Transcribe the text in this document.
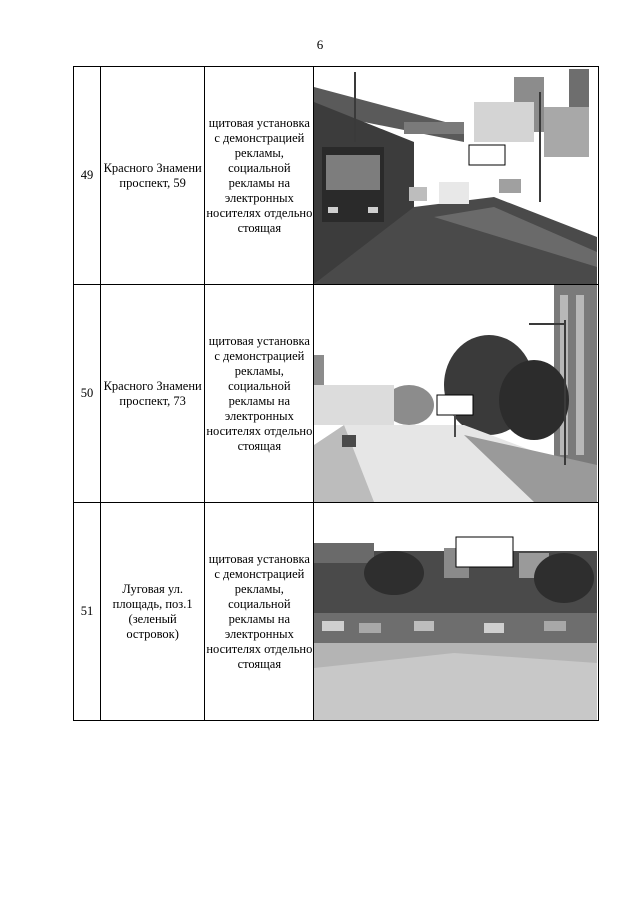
6
49	Красного Знамени проспект, 59	щитовая установка с демонстрацией рекламы, социальной рекламы на электронных носителях отдельно стоящая	

50	Красного Знамени проспект, 73	щитовая установка с демонстрацией рекламы, социальной рекламы на электронных носителях отдельно стоящая	

51	Луговая ул. площадь, поз.1 (зеленый островок)	щитовая установка с демонстрацией рекламы, социальной рекламы на электронных носителях отдельно стоящая	
